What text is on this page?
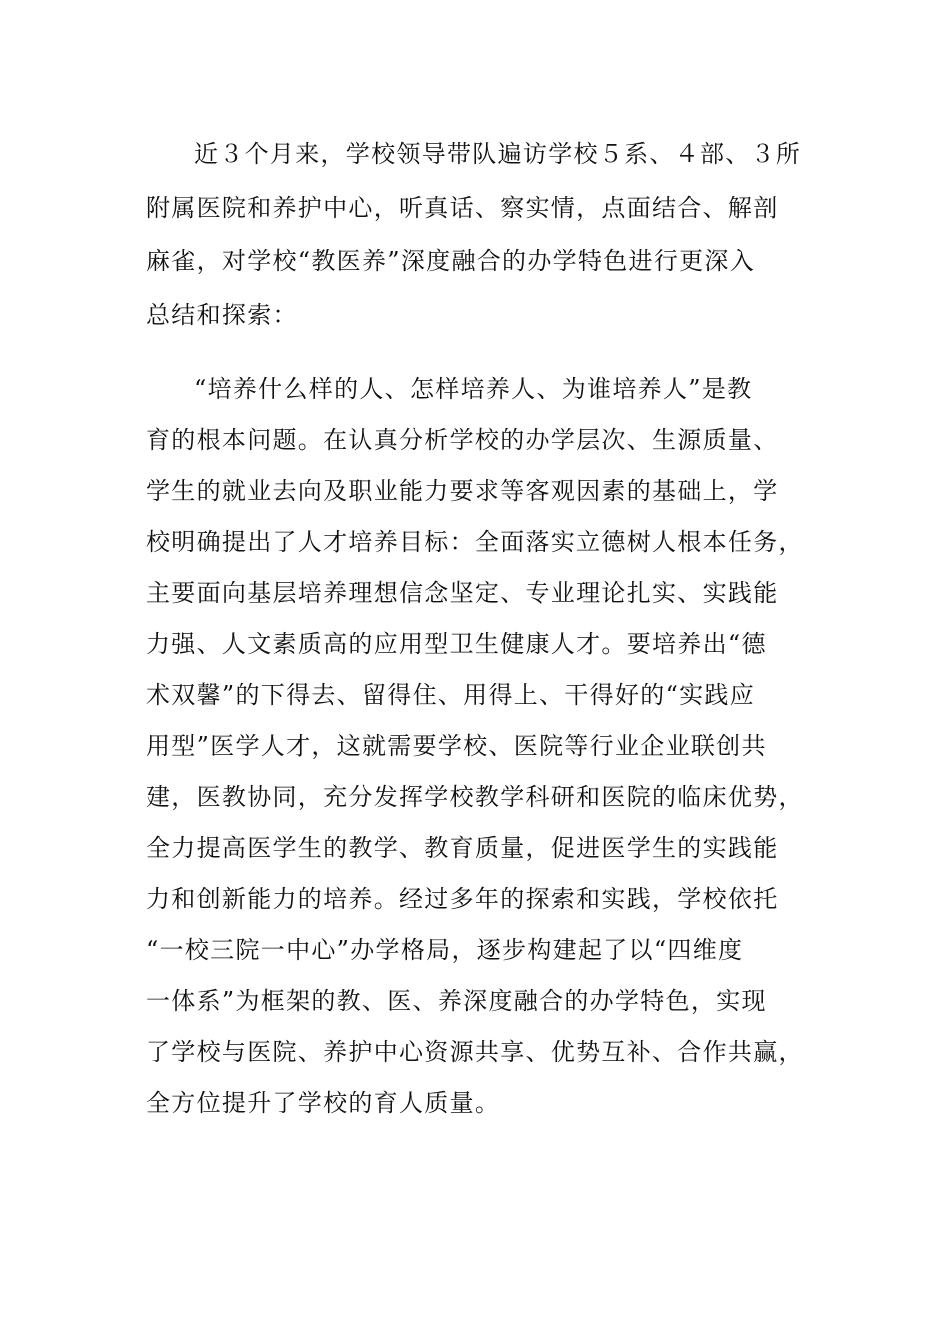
近３个月来，学校领导带队遍访学校５系、４部、３所
附属医院和养护中心，听真话、察实情，点面结合、解剖
麻雀，对学校“教医养”深度融合的办学特色进行更深入
总结和探索：
“培养什么样的人、怎样培养人、为谁培养人”是教
育的根本问题。在认真分析学校的办学层次、生源质量、
学生的就业去向及职业能力要求等客观因素的基础上，学
校明确提出了人才培养目标：全面落实立德树人根本任务，
主要面向基层培养理想信念坚定、专业理论扎实、实践能
力强、人文素质高的应用型卫生健康人才。要培养出“德
术双馨”的下得去、留得住、用得上、干得好的“实践应
用型”医学人才，这就需要学校、医院等行业企业联创共
建，医教协同，充分发挥学校教学科研和医院的临床优势，
全力提高医学生的教学、教育质量，促进医学生的实践能
力和创新能力的培养。经过多年的探索和实践，学校依托
“一校三院一中心”办学格局，逐步构建起了以“四维度
一体系”为框架的教、医、养深度融合的办学特色，实现
了学校与医院、养护中心资源共享、优势互补、合作共赢，
全方位提升了学校的育人质量。
